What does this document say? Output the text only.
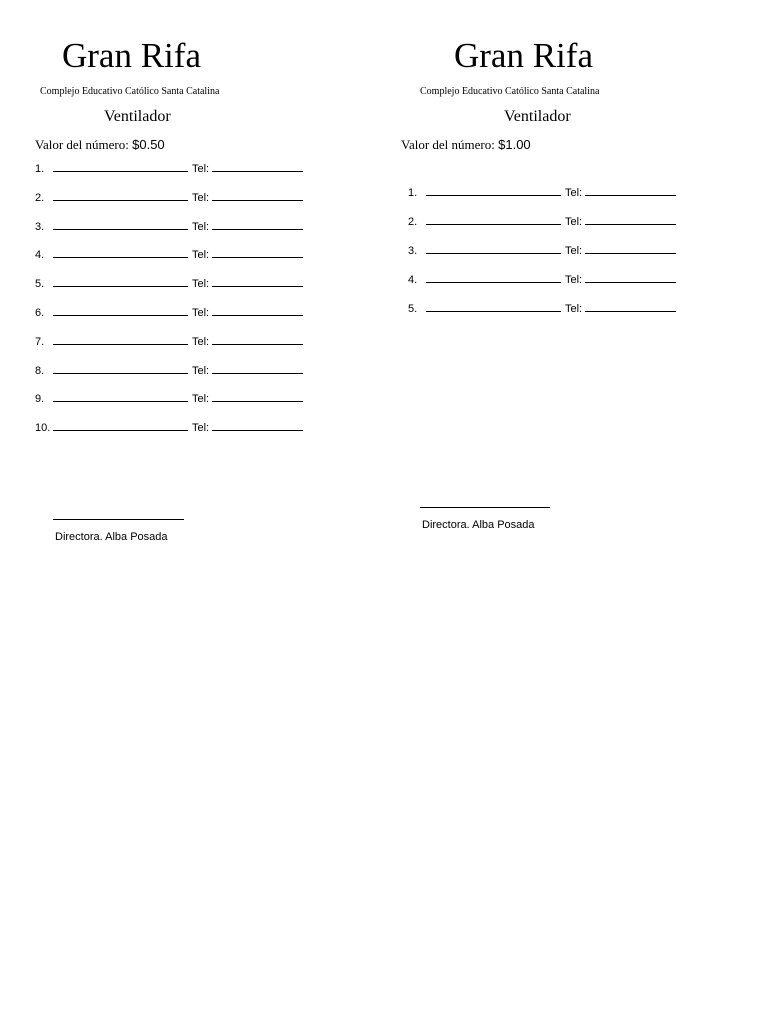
Gran Rifa
Complejo Educativo Católico Santa Catalina
Ventilador
Valor del número: $0.50
1.	Tel:
2.	Tel:
3.	Tel:
4.	Tel:
5.	Tel:
6.	Tel:
7.	Tel:
8.	Tel:
9.	Tel:
10.	Tel:
Directora. Alba Posada
Gran Rifa
Complejo Educativo Católico Santa Catalina
Ventilador
Valor del número: $1.00
1.	Tel:
2.	Tel:
3.	Tel:
4.	Tel:
5.	Tel:
Directora. Alba Posada
